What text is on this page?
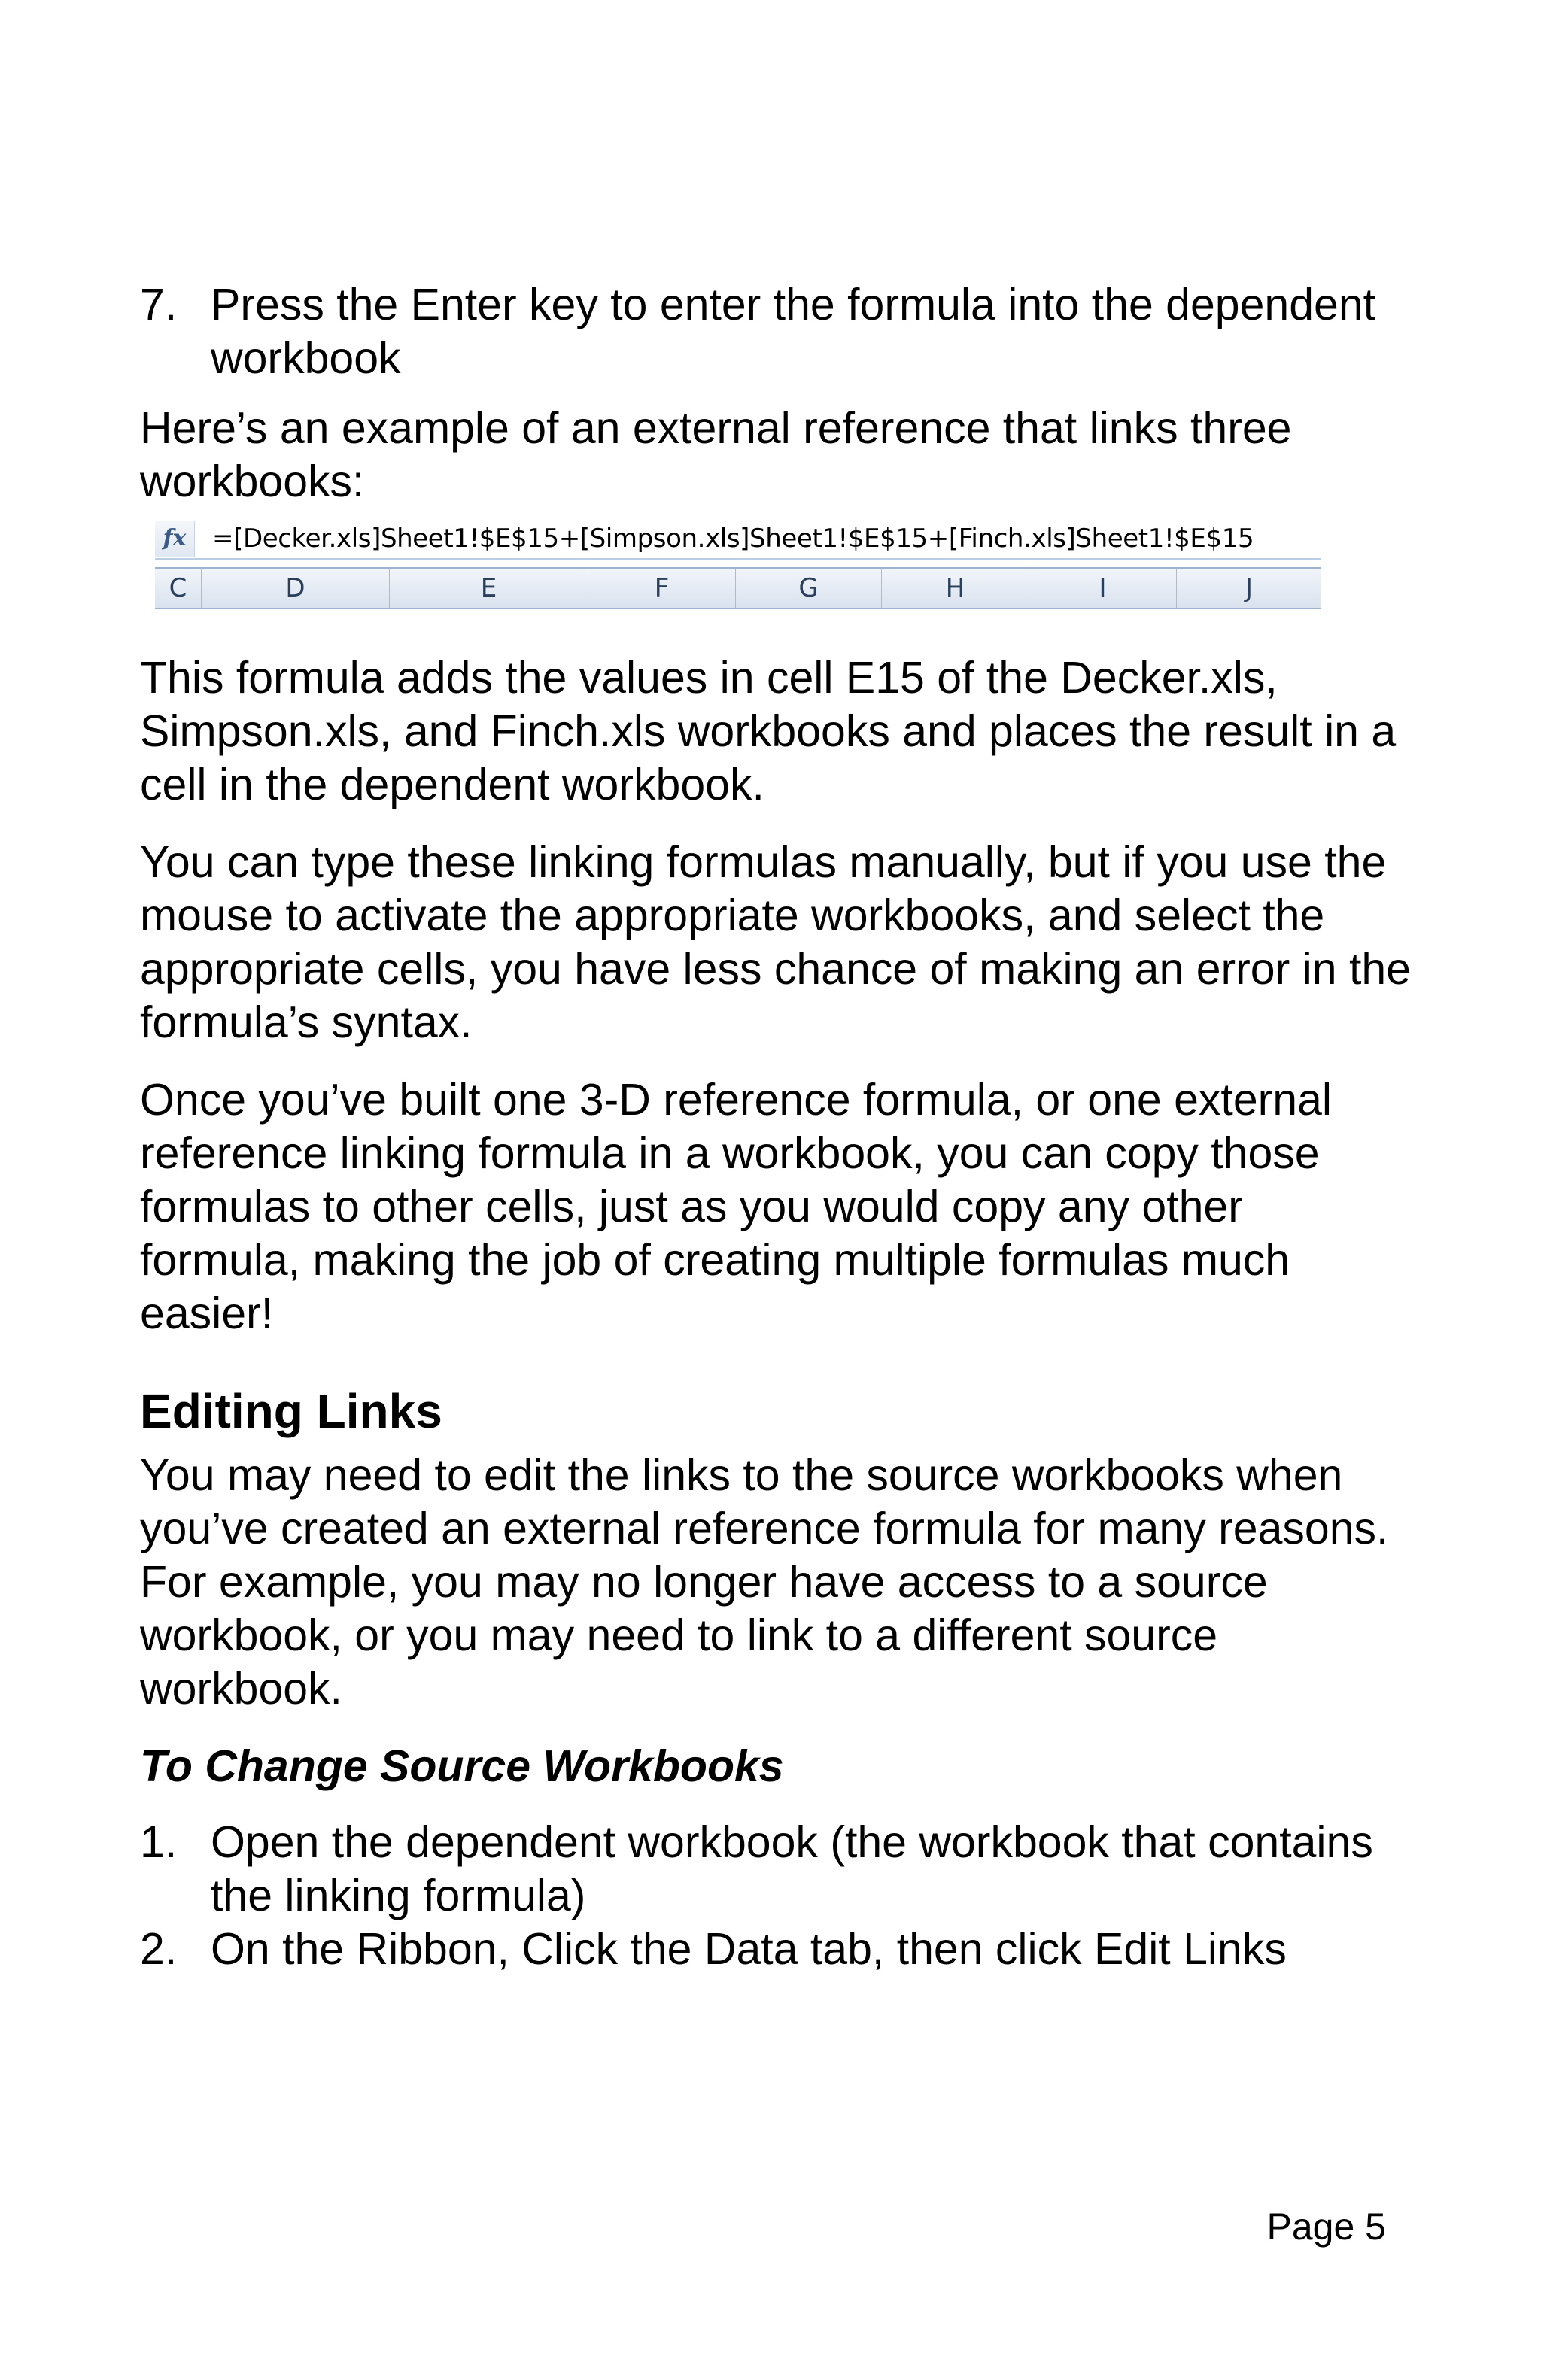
7. Press the Enter key to enter the formula into the dependent workbook

Here’s an example of an external reference that links three workbooks:

fx	=[Decker.xls]Sheet1!$E$15+[Simpson.xls]Sheet1!$E$15+[Finch.xls]Sheet1!$E$15
C	D	E	F	G	H	I	J

This formula adds the values in cell E15 of the Decker.xls, Simpson.xls, and Finch.xls workbooks and places the result in a cell in the dependent workbook.

You can type these linking formulas manually, but if you use the mouse to activate the appropriate workbooks, and select the appropriate cells, you have less chance of making an error in the formula’s syntax.

Once you’ve built one 3-D reference formula, or one external reference linking formula in a workbook, you can copy those formulas to other cells, just as you would copy any other formula, making the job of creating multiple formulas much easier!

Editing Links

You may need to edit the links to the source workbooks when you’ve created an external reference formula for many reasons. For example, you may no longer have access to a source workbook, or you may need to link to a different source workbook.

To Change Source Workbooks
1. Open the dependent workbook (the workbook that contains the linking formula)
2. On the Ribbon, Click the Data tab, then click Edit Links
Page 5
